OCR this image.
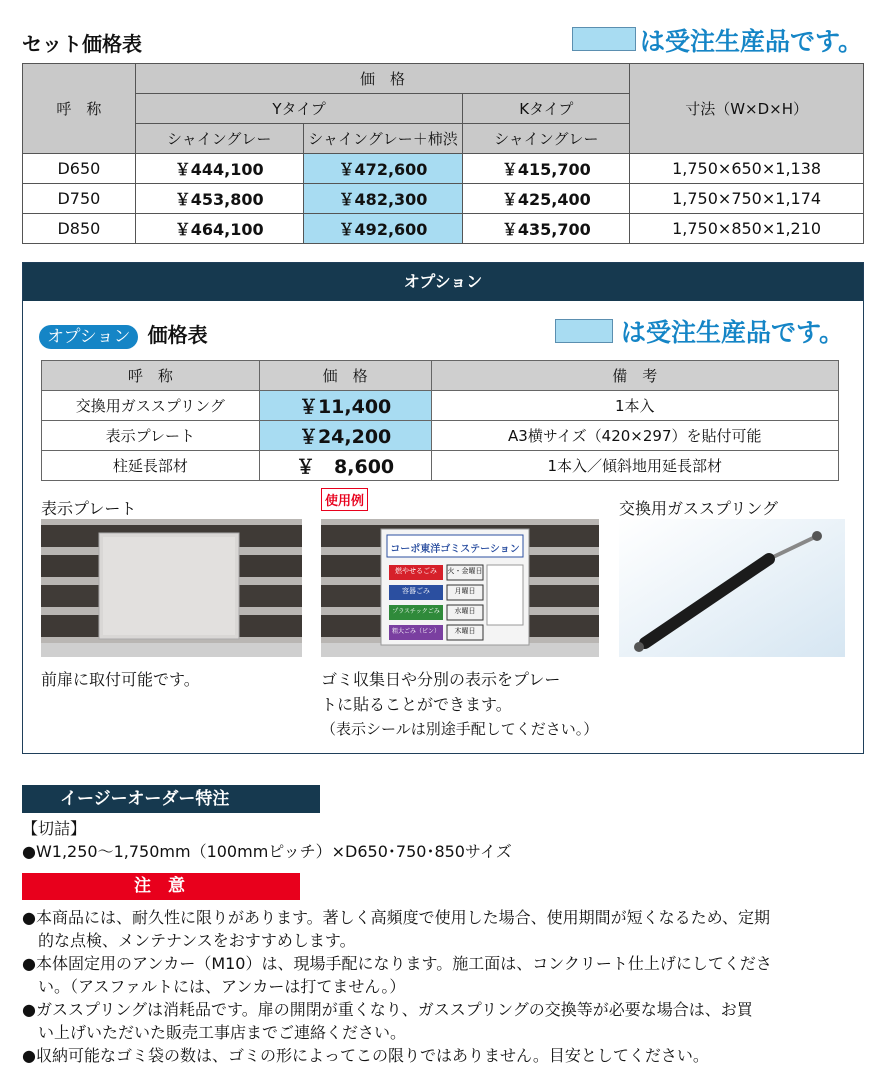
セット価格表	は受注生産品です。
呼　称	価　格			寸法（W×D×H）
	Yタイプ		Kタイプ	
	シャイングレー	シャイングレー＋柿渋	シャイングレー	
D650	￥444,100	￥472,600	￥415,700	1,750×650×1,138
D750	￥453,800	￥482,300	￥425,400	1,750×750×1,174
D850	￥464,100	￥492,600	￥435,700	1,750×850×1,210
オプション
オプション 価格表	は受注生産品です。
呼　称	価　格	備　考
交換用ガススプリング	￥11,400	1本入
表示プレート	￥24,200	A3横サイズ（420×297）を貼付可能
柱延長部材	￥　8,600	1本入／傾斜地用延長部材
表示プレート
前扉に取付可能です。
使用例
コーポ東洋ゴミステーション
燃やせるごみ	火・金曜日
容器ごみ	月曜日
プラスチックごみ	水曜日
粗大ごみ（ビン）	木曜日
ゴミ収集日や分別の表示をプレー
トに貼ることができます。
（表示シールは別途手配してください。）
交換用ガススプリング
イージーオーダー特注
【切詰】
●W1,250～1,750mm（100mmピッチ）×D650･750･850サイズ
注　意
●本商品には、耐久性に限りがあります。著しく高頻度で使用した場合、使用期間が短くなるため、定期
　的な点検、メンテナンスをおすすめします。
●本体固定用のアンカー（M10）は、現場手配になります。施工面は、コンクリート仕上げにしてくださ
　い。（アスファルトには、アンカーは打てません。）
●ガススプリングは消耗品です。扉の開閉が重くなり、ガススプリングの交換等が必要な場合は、お買
　い上げいただいた販売工事店までご連絡ください。
●収納可能なゴミ袋の数は、ゴミの形によってこの限りではありません。目安としてください。
